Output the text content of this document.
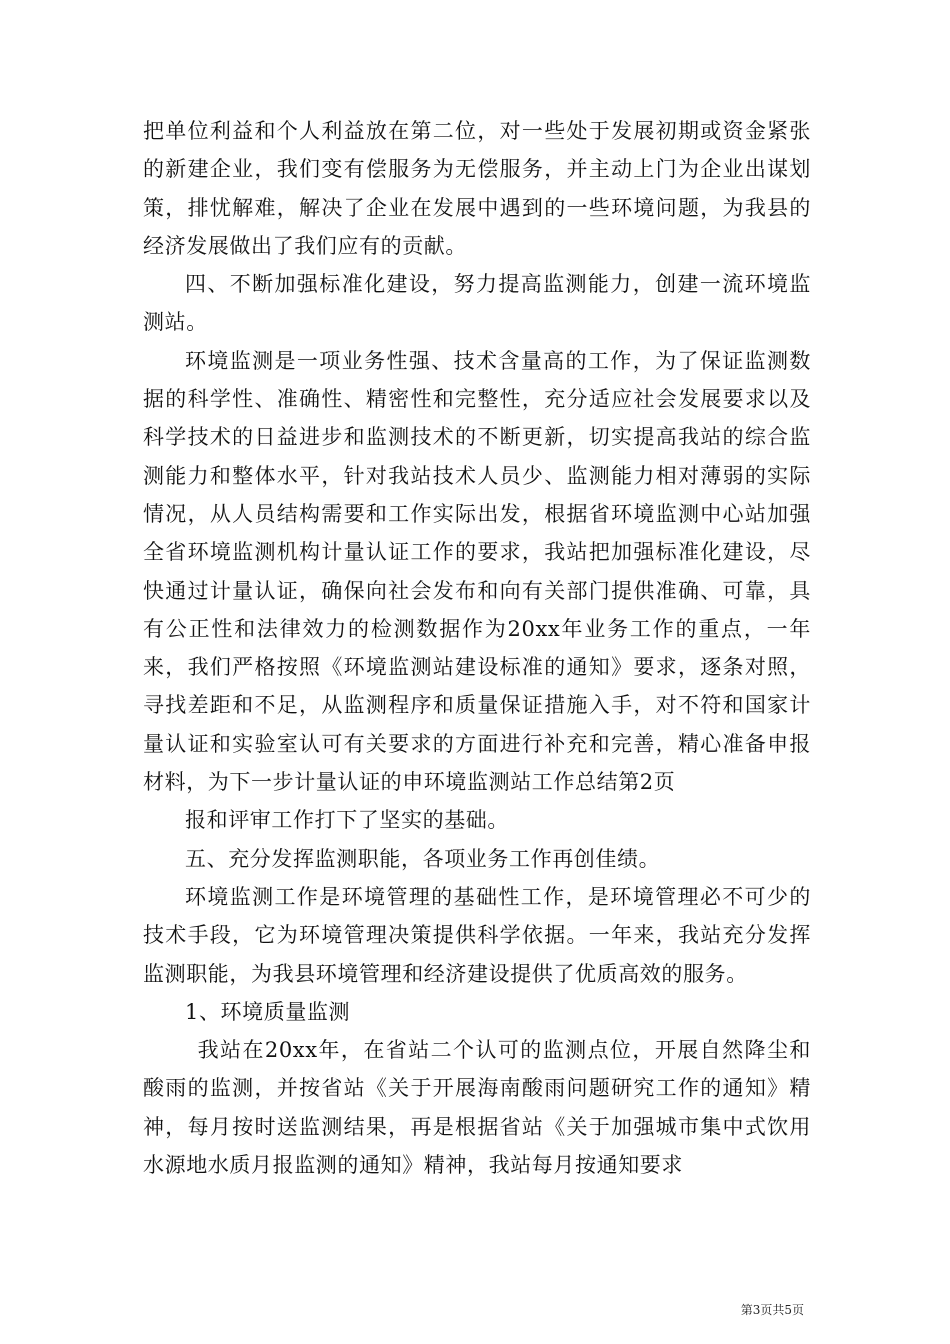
把单位利益和个人利益放在第二位，对一些处于发展初期或资金紧张的新建企业，我们变有偿服务为无偿服务，并主动上门为企业出谋划策，排忧解难，解决了企业在发展中遇到的一些环境问题，为我县的经济发展做出了我们应有的贡献。

四、不断加强标准化建设，努力提高监测能力，创建一流环境监测站。

环境监测是一项业务性强、技术含量高的工作，为了保证监测数据的科学性、准确性、精密性和完整性，充分适应社会发展要求以及科学技术的日益进步和监测技术的不断更新，切实提高我站的综合监测能力和整体水平，针对我站技术人员少、监测能力相对薄弱的实际情况，从人员结构需要和工作实际出发，根据省环境监测中心站加强全省环境监测机构计量认证工作的要求，我站把加强标准化建设，尽快通过计量认证，确保向社会发布和向有关部门提供准确、可靠，具有公正性和法律效力的检测数据作为20xx年业务工作的重点，一年来，我们严格按照《环境监测站建设标准的通知》要求，逐条对照，寻找差距和不足，从监测程序和质量保证措施入手，对不符和国家计量认证和实验室认可有关要求的方面进行补充和完善，精心准备申报材料，为下一步计量认证的申环境监测站工作总结第2页

报和评审工作打下了坚实的基础。

五、充分发挥监测职能，各项业务工作再创佳绩。

环境监测工作是环境管理的基础性工作，是环境管理必不可少的技术手段，它为环境管理决策提供科学依据。一年来，我站充分发挥监测职能，为我县环境管理和经济建设提供了优质高效的服务。

1、环境质量监测

我站在20xx年，在省站二个认可的监测点位，开展自然降尘和酸雨的监测，并按省站《关于开展海南酸雨问题研究工作的通知》精神，每月按时送监测结果，再是根据省站《关于加强城市集中式饮用水源地水质月报监测的通知》精神，我站每月按通知要求

第3页共5页
